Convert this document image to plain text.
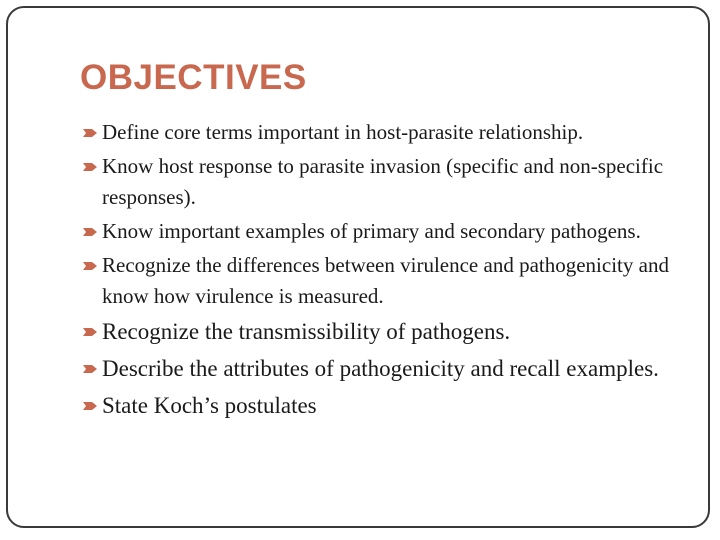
OBJECTIVES
Define core terms important in host-parasite relationship.
Know host response to parasite invasion (specific and non-specific responses).
Know important examples of primary and secondary pathogens.
Recognize the differences between virulence and pathogenicity and know how virulence is measured.
Recognize the transmissibility of pathogens.
Describe the attributes of pathogenicity and recall examples.
State Koch’s postulates
